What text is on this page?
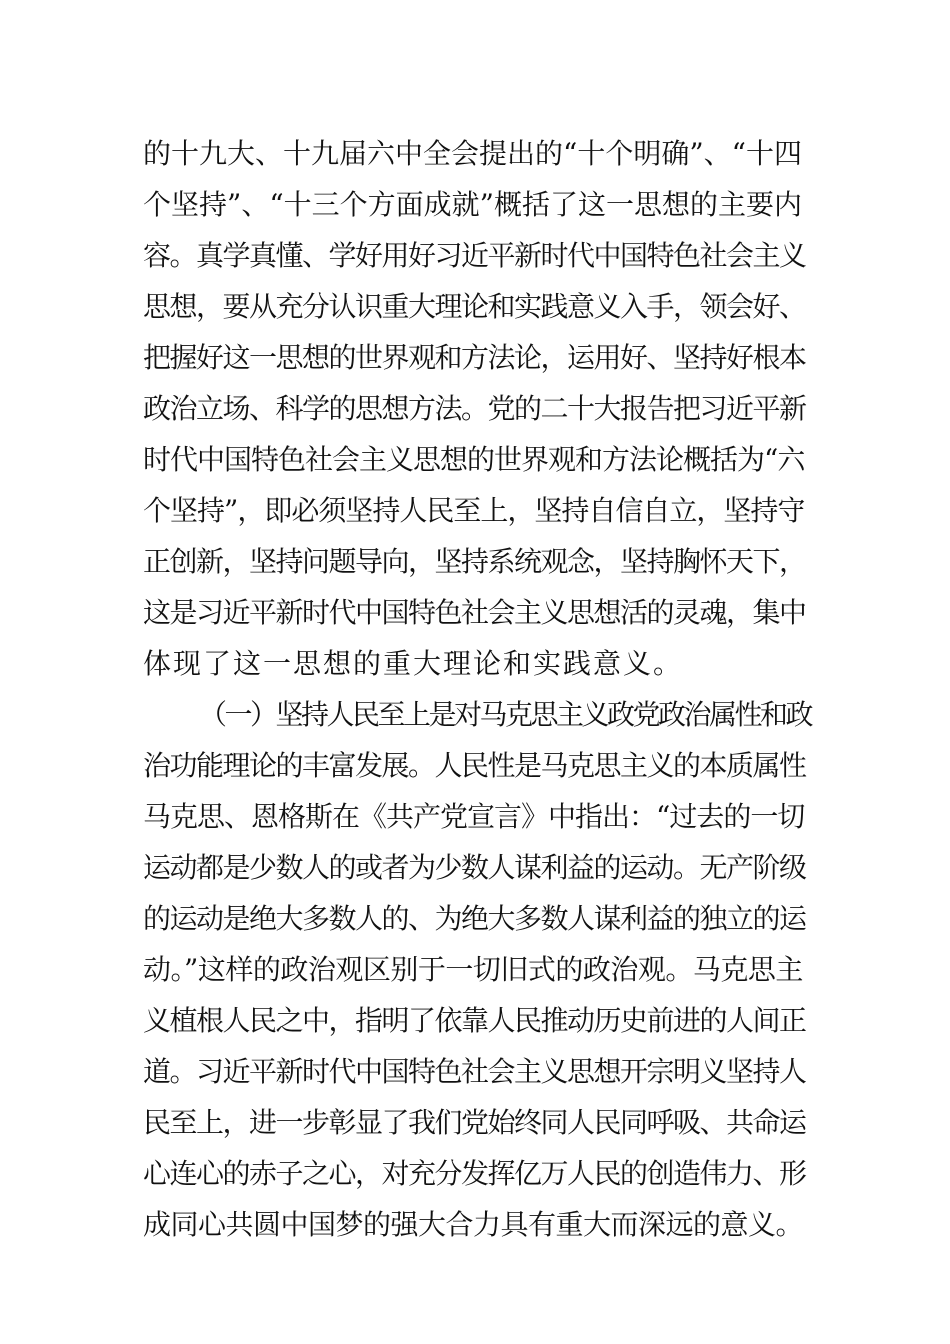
的十九大、十九届六中全会提出的“十个明确”、“十四
个坚持”、“十三个方面成就”概括了这一思想的主要内
容。真学真懂、学好用好习近平新时代中国特色社会主义
思想，要从充分认识重大理论和实践意义入手，领会好、
把握好这一思想的世界观和方法论，运用好、坚持好根本
政治立场、科学的思想方法。党的二十大报告把习近平新
时代中国特色社会主义思想的世界观和方法论概括为“六
个坚持”，即必须坚持人民至上，坚持自信自立，坚持守
正创新，坚持问题导向，坚持系统观念，坚持胸怀天下，
这是习近平新时代中国特色社会主义思想活的灵魂，集中
体现了这一思想的重大理论和实践意义。
（一）坚持人民至上是对马克思主义政党政治属性和政
治功能理论的丰富发展。人民性是马克思主义的本质属性
马克思、恩格斯在《共产党宣言》中指出：“过去的一切
运动都是少数人的或者为少数人谋利益的运动。无产阶级
的运动是绝大多数人的、为绝大多数人谋利益的独立的运
动。”这样的政治观区别于一切旧式的政治观。马克思主
义植根人民之中，指明了依靠人民推动历史前进的人间正
道。习近平新时代中国特色社会主义思想开宗明义坚持人
民至上，进一步彰显了我们党始终同人民同呼吸、共命运
心连心的赤子之心，对充分发挥亿万人民的创造伟力、形
成同心共圆中国梦的强大合力具有重大而深远的意义。
